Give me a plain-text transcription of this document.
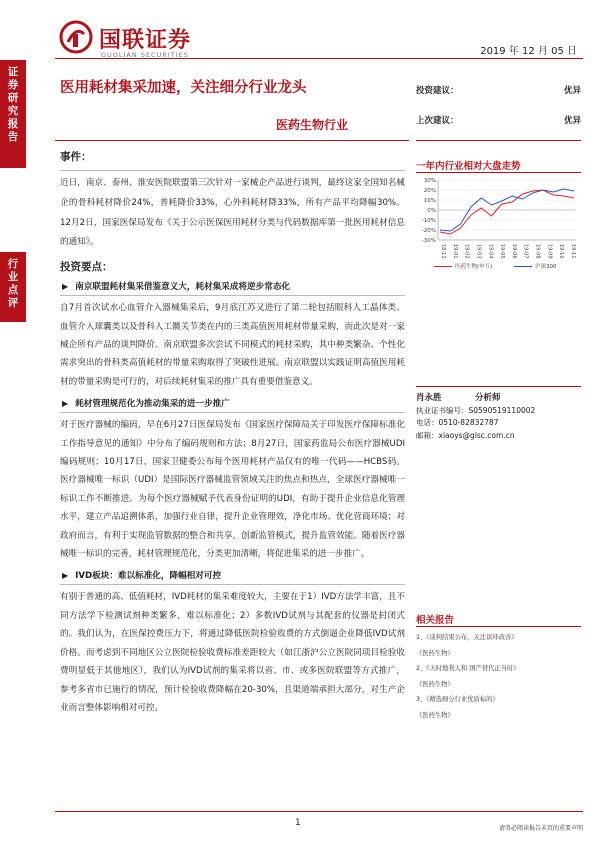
国联证券
GUOLIAN SECURITIES	2019 年 12 月 05 日
证
券
研
究
报
告
行
业
点
评
医用耗材集采加速，关注细分行业龙头
医药生物行业
投资建议：	优异
上次建议：	优异
一年内行业相对大盘走势
30%
20%
10%
0%
-10%
-20%
-30%
18-12 19-01 19-02 19-03 19-04 19-05 19-06 19-07 19-08 19-09 19-10 19-11
医药生物(申万)	沪深300
事件：
近日，南京、泰州、淮安医院联盟第三次针对一家械企产品进行谈判，最终这家全国知名械企的骨科耗材降价24%，普耗降价33%，心外科耗材降33%，所有产品平均降幅30%。12月2日，国家医保局发布《关于公示医保医用耗材分类与代码数据库第一批医用耗材信息的通知》。
投资要点：
▶ 南京联盟耗材集采借鉴意义大，耗材集采成将逆步常态化
自7月首次试水心血管介入器械集采后，9月底江苏又进行了第二轮包括眼科人工晶体类、血管介入球囊类以及骨科人工髋关节类在内的三类高值医用耗材带量采购，而此次是对一家械企所有产品的谈判降价。南京联盟多次尝试不同模式的耗材采购，其中种类繁杂、个性化需求突出的骨科类高值耗材的带量采购取得了突破性进展。南京联盟以实践证明高值医用耗材的带量采购是可行的，对后续耗材集采的推广具有重要借鉴意义。
▶ 耗材管理规范化为推动集采的进一步推广
对于医疗器械的编码，早在6月27日医保局发布《国家医疗保障局关于印发医疗保障标准化工作指导意见的通知》中分布了编码规则和方法；8月27日，国家药监局公布医疗器械UDI编码规则；10月17日，国家卫健委公布每个医用耗材产品仅有的唯一代码——HCBS码。医疗器械唯一标识（UDI）是国际医疗器械监管领域关注的焦点和热点，全球医疗器械唯一标识工作不断推进。为每个医疗器械赋予代表身份证明的UDI，有助于提升企业信息化管理水平，建立产品追溯体系，加强行业自律，提升企业管理效，净化市场、优化营商环境；对政府而言，有利于实现监管数据的整合和共享，创新监管模式，提升监管效能。随着医疗器械唯一标识的完善，耗材管理规范化，分类更加清晰，将促进集采的进一步推广。
▶ IVD板块：难以标准化，降幅相对可控
有别于普通的高、低值耗材，IVD耗材的集采难度较大，主要在于1）IVD方法学丰富，且不同方法学下检测试剂种类繁多，难以标准化；2）多数IVD试剂与其配套的仪器是封闭式的。我们认为，在医保控费压力下，将通过降低医院检验收费的方式倒逼企业降低IVD试剂价格。而考虑到不同地区公立医院检验收费标准差距较大（如江浙沪公立医院同项目检验收费明显低于其他地区），我们认为IVD试剂的集采将以省、市、或多医院联盟等方式推广，参考多省市已施行的情况，预计检验收费降幅在20-30%，且渠道端承担大部分，对生产企业而言整体影响相对可控。
肖永胜	分析师
执业证书编号：S0590519110002
电话：0510-82832787
邮箱：xiaoys@glsc.com.cn
相关报告
1、《谈判结果公布，关注谈环改善》
《医药生物》
2、《天时地利人和 国产替代正当时》
《医药生物》
3、《精选细分行业优质标的》
《医药生物》
1
请务必阅读报告末页的重要声明
